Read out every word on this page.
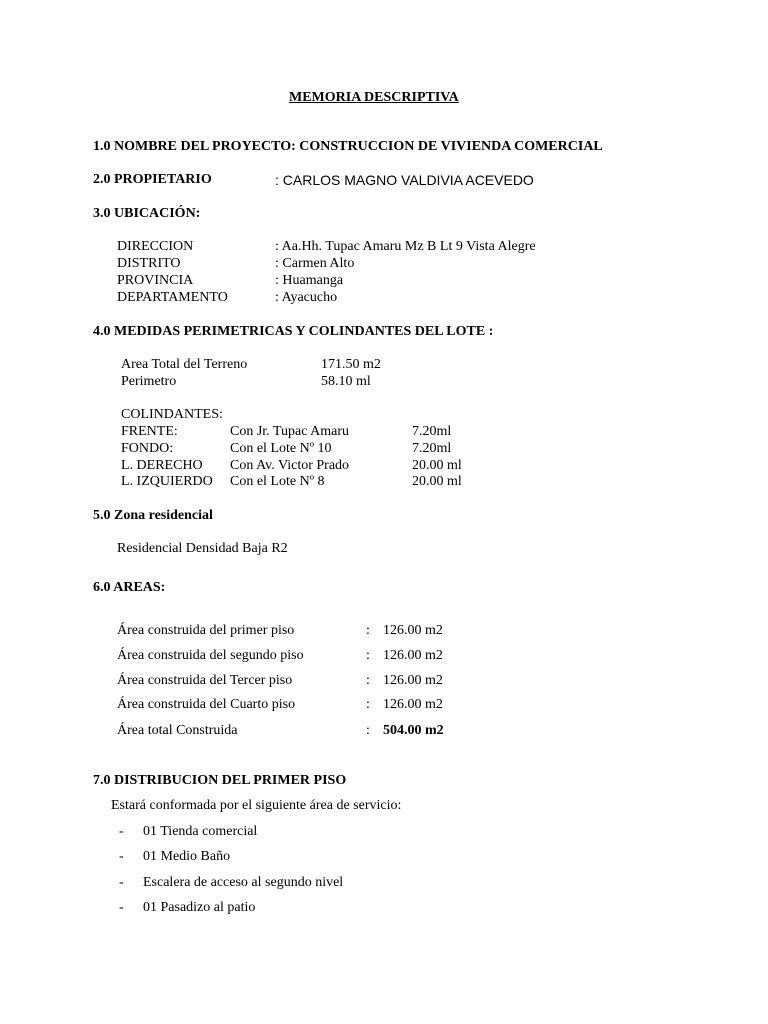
MEMORIA DESCRIPTIVA
1.0 NOMBRE DEL PROYECTO: CONSTRUCCION DE VIVIENDA COMERCIAL
2.0 PROPIETARIO	: CARLOS MAGNO VALDIVIA ACEVEDO
3.0 UBICACIÓN:
DIRECCION	: Aa.Hh. Tupac Amaru Mz B Lt 9 Vista Alegre
DISTRITO	: Carmen Alto
PROVINCIA	: Huamanga
DEPARTAMENTO	: Ayacucho
4.0 MEDIDAS PERIMETRICAS Y COLINDANTES DEL LOTE :
Area Total del Terreno	171.50 m2
Perimetro	58.10 ml
COLINDANTES:
FRENTE:	Con Jr. Tupac Amaru	7.20ml
FONDO:	Con el Lote Nº 10	7.20ml
L. DERECHO Con Av. Victor Prado	20.00 ml
L. IZQUIERDO Con el Lote Nº 8	20.00 ml
5.0 Zona residencial
Residencial Densidad Baja R2
6.0 AREAS:
Área construida del primer piso	: 126.00 m2
Área construida del segundo piso	: 126.00 m2
Área construida del Tercer piso	: 126.00 m2
Área construida del Cuarto piso	: 126.00 m2
Área total Construida	: 504.00 m2
7.0 DISTRIBUCION DEL PRIMER PISO
Estará conformada por el siguiente área de servicio:
- 01 Tienda comercial
- 01 Medio Baño
- Escalera de acceso al segundo nivel
- 01 Pasadizo al patio
